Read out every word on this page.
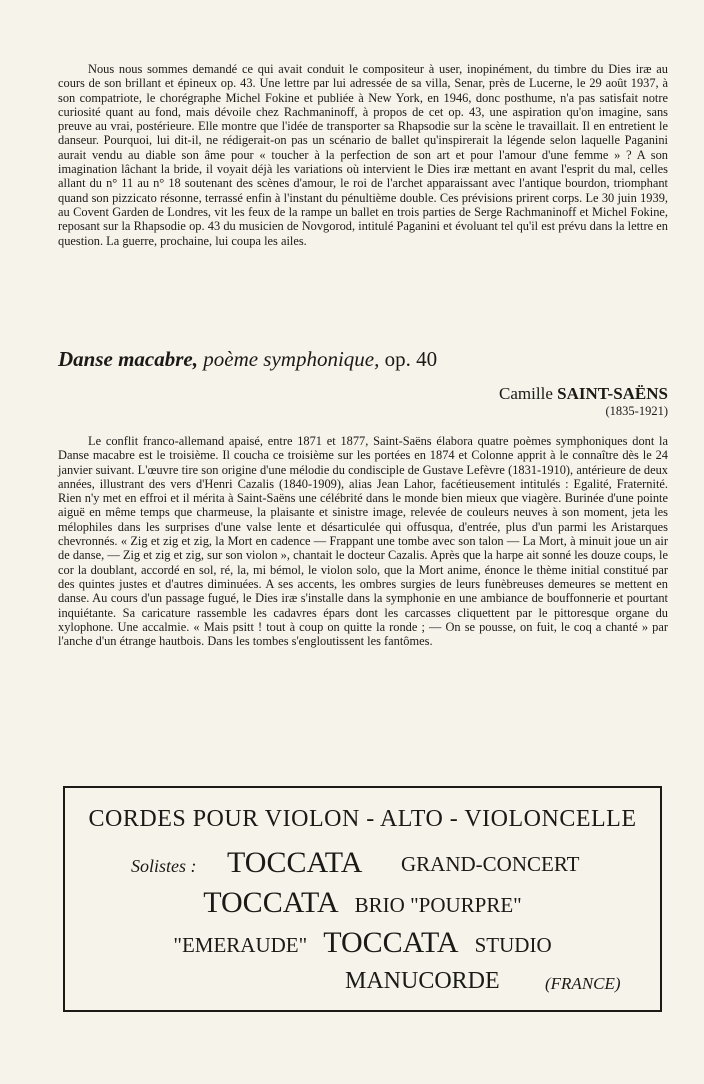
Nous nous sommes demandé ce qui avait conduit le compositeur à user, inopinément, du timbre du Dies iræ au cours de son brillant et épineux op. 43. Une lettre par lui adressée de sa villa, Senar, près de Lucerne, le 29 août 1937, à son compatriote, le chorégraphe Michel Fokine et publiée à New York, en 1946, donc posthume, n'a pas satisfait notre curiosité quant au fond, mais dévoile chez Rachmaninoff, à propos de cet op. 43, une aspiration qu'on imagine, sans preuve au vrai, postérieure. Elle montre que l'idée de transporter sa Rhapsodie sur la scène le travaillait. Il en entretient le danseur. Pourquoi, lui dit-il, ne rédigerait-on pas un scénario de ballet qu'inspirerait la légende selon laquelle Paganini aurait vendu au diable son âme pour « toucher à la perfection de son art et pour l'amour d'une femme » ? A son imagination lâchant la bride, il voyait déjà les variations où intervient le Dies iræ mettant en avant l'esprit du mal, celles allant du n° 11 au n° 18 soutenant des scènes d'amour, le roi de l'archet apparaissant avec l'antique bourdon, triomphant quand son pizzicato résonne, terrassé enfin à l'instant du pénultième double. Ces prévisions prirent corps. Le 30 juin 1939, au Covent Garden de Londres, vit les feux de la rampe un ballet en trois parties de Serge Rachmaninoff et Michel Fokine, reposant sur la Rhapsodie op. 43 du musicien de Novgorod, intitulé Paganini et évoluant tel qu'il est prévu dans la lettre en question. La guerre, prochaine, lui coupa les ailes.

Danse macabre, poème symphonique, op. 40
Camille SAINT-SAËNS
(1835-1921)

Le conflit franco-allemand apaisé, entre 1871 et 1877, Saint-Saëns élabora quatre poèmes symphoniques dont la Danse macabre est le troisième. Il coucha ce troisième sur les portées en 1874 et Colonne apprit à le connaître dès le 24 janvier suivant. L'œuvre tire son origine d'une mélodie du condisciple de Gustave Lefèvre (1831-1910), antérieure de deux années, illustrant des vers d'Henri Cazalis (1840-1909), alias Jean Lahor, facétieusement intitulés : Egalité, Fraternité. Rien n'y met en effroi et il mérita à Saint-Saëns une célébrité dans le monde bien mieux que viagère. Burinée d'une pointe aiguë en même temps que charmeuse, la plaisante et sinistre image, relevée de couleurs neuves à son moment, jeta les mélophiles dans les surprises d'une valse lente et désarticulée qui offusqua, d'entrée, plus d'un parmi les Aristarques chevronnés. « Zig et zig et zig, la Mort en cadence — Frappant une tombe avec son talon — La Mort, à minuit joue un air de danse, — Zig et zig et zig, sur son violon », chantait le docteur Cazalis. Après que la harpe ait sonné les douze coups, le cor la doublant, accordé en sol, ré, la, mi bémol, le violon solo, que la Mort anime, énonce le thème initial constitué par des quintes justes et d'autres diminuées. A ses accents, les ombres surgies de leurs funèbreuses demeures se mettent en danse. Au cours d'un passage fugué, le Dies iræ s'installe dans la symphonie en une ambiance de bouffonnerie et pourtant inquiétante. Sa caricature rassemble les cadavres épars dont les carcasses cliquettent par le pittoresque organe du xylophone. Une accalmie. « Mais psitt ! tout à coup on quitte la ronde ; — On se pousse, on fuit, le coq a chanté » par l'anche d'un étrange hautbois. Dans les tombes s'engloutissent les fantômes.

CORDES POUR VIOLON - ALTO - VIOLONCELLE
Solistes : TOCCATA GRAND-CONCERT
TOCCATA BRIO "POURPRE"
"EMERAUDE" TOCCATA STUDIO
MANUCORDE	(FRANCE)
